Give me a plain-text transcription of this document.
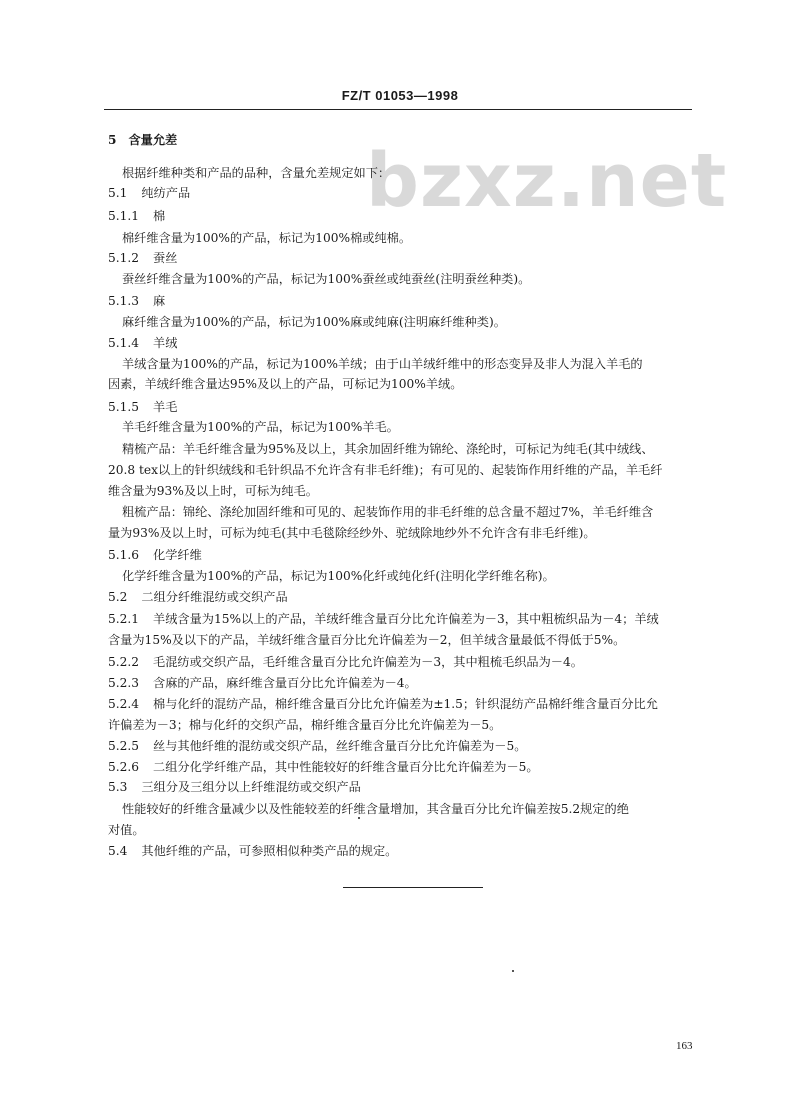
FZ/T 01053—1998
bzxz.net
5 含量允差
根据纤维种类和产品的品种，含量允差规定如下：
5.1 纯纺产品
5.1.1 棉
棉纤维含量为100%的产品，标记为100%棉或纯棉。
5.1.2 蚕丝
蚕丝纤维含量为100%的产品，标记为100%蚕丝或纯蚕丝(注明蚕丝种类)。
5.1.3 麻
麻纤维含量为100%的产品，标记为100%麻或纯麻(注明麻纤维种类)。
5.1.4 羊绒
羊绒含量为100%的产品，标记为100%羊绒；由于山羊绒纤维中的形态变异及非人为混入羊毛的
因素，羊绒纤维含量达95%及以上的产品，可标记为100%羊绒。
5.1.5 羊毛
羊毛纤维含量为100%的产品，标记为100%羊毛。
精梳产品：羊毛纤维含量为95%及以上，其余加固纤维为锦纶、涤纶时，可标记为纯毛(其中绒线、
20.8 tex以上的针织绒线和毛针织品不允许含有非毛纤维)；有可见的、起装饰作用纤维的产品，羊毛纤
维含量为93%及以上时，可标为纯毛。
粗梳产品：锦纶、涤纶加固纤维和可见的、起装饰作用的非毛纤维的总含量不超过7%，羊毛纤维含
量为93%及以上时，可标为纯毛(其中毛毯除经纱外、驼绒除地纱外不允许含有非毛纤维)。
5.1.6 化学纤维
化学纤维含量为100%的产品，标记为100%化纤或纯化纤(注明化学纤维名称)。
5.2 二组分纤维混纺或交织产品
5.2.1 羊绒含量为15%以上的产品，羊绒纤维含量百分比允许偏差为－3，其中粗梳织品为－4；羊绒
含量为15%及以下的产品，羊绒纤维含量百分比允许偏差为－2，但羊绒含量最低不得低于5%。
5.2.2 毛混纺或交织产品，毛纤维含量百分比允许偏差为－3，其中粗梳毛织品为－4。
5.2.3 含麻的产品，麻纤维含量百分比允许偏差为－4。
5.2.4 棉与化纤的混纺产品，棉纤维含量百分比允许偏差为±1.5；针织混纺产品棉纤维含量百分比允
许偏差为－3；棉与化纤的交织产品，棉纤维含量百分比允许偏差为－5。
5.2.5 丝与其他纤维的混纺或交织产品，丝纤维含量百分比允许偏差为－5。
5.2.6 二组分化学纤维产品，其中性能较好的纤维含量百分比允许偏差为－5。
5.3 三组分及三组分以上纤维混纺或交织产品
性能较好的纤维含量减少以及性能较差的纤维含量增加，其含量百分比允许偏差按5.2规定的绝
对值。
5.4 其他纤维的产品，可参照相似种类产品的规定。
163
